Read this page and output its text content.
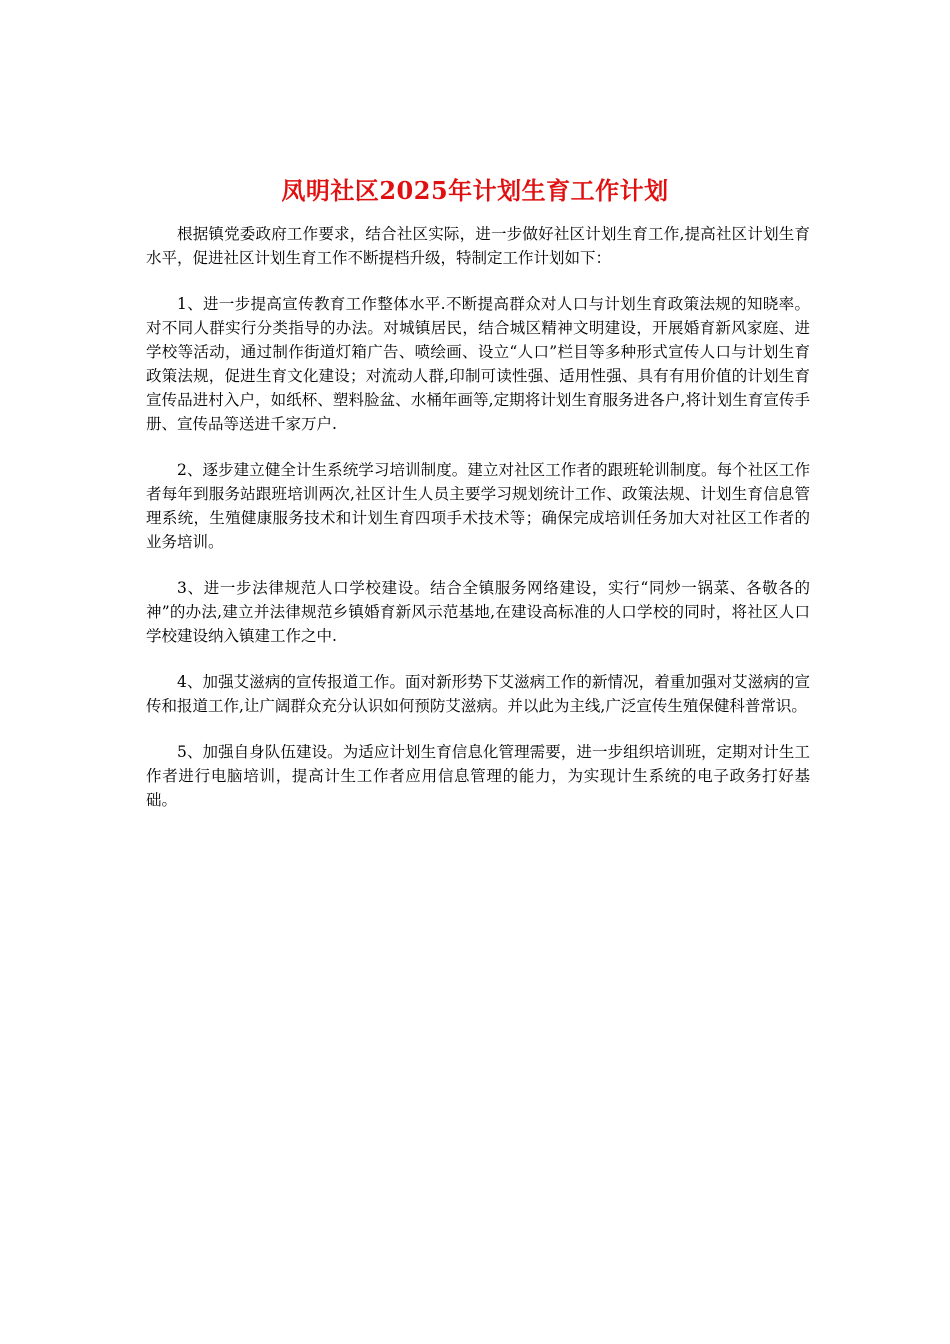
凤明社区2025年计划生育工作计划

根据镇党委政府工作要求，结合社区实际，进一步做好社区计划生育工作,提高社区计划生育水平，促进社区计划生育工作不断提档升级，特制定工作计划如下：

1、进一步提高宣传教育工作整体水平.不断提高群众对人口与计划生育政策法规的知晓率。对不同人群实行分类指导的办法。对城镇居民，结合城区精神文明建设，开展婚育新风家庭、进学校等活动，通过制作街道灯箱广告、喷绘画、设立“人口”栏目等多种形式宣传人口与计划生育政策法规，促进生育文化建设；对流动人群,印制可读性强、适用性强、具有有用价值的计划生育宣传品进村入户，如纸杯、塑料脸盆、水桶年画等,定期将计划生育服务进各户,将计划生育宣传手册、宣传品等送进千家万户.

2、逐步建立健全计生系统学习培训制度。建立对社区工作者的跟班轮训制度。每个社区工作者每年到服务站跟班培训两次,社区计生人员主要学习规划统计工作、政策法规、计划生育信息管理系统，生殖健康服务技术和计划生育四项手术技术等；确保完成培训任务加大对社区工作者的业务培训。

3、进一步法律规范人口学校建设。结合全镇服务网络建设，实行“同炒一锅菜、各敬各的神”的办法,建立并法律规范乡镇婚育新风示范基地,在建设高标准的人口学校的同时，将社区人口学校建设纳入镇建工作之中.

4、加强艾滋病的宣传报道工作。面对新形势下艾滋病工作的新情况，着重加强对艾滋病的宣传和报道工作,让广阔群众充分认识如何预防艾滋病。并以此为主线,广泛宣传生殖保健科普常识。

5、加强自身队伍建设。为适应计划生育信息化管理需要，进一步组织培训班，定期对计生工作者进行电脑培训，提高计生工作者应用信息管理的能力，为实现计生系统的电子政务打好基础。
